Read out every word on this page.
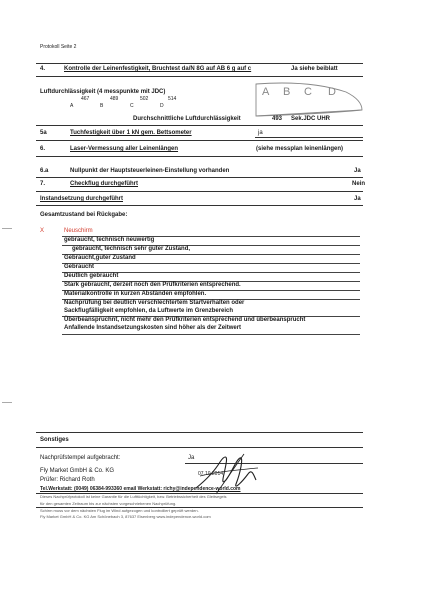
Protokoll Seite 2
4.	Kontrolle der Leinenfestigkeit, Bruchtest da/N 8G auf AB 6 g auf c	Ja siehe beiblatt
Luftdurchlässigkeit (4 messpunkte mit JDC)
467	489	502	514
A	B	C	D
A B C D
Durchschnittliche Luftdurchlässigkeit	493 Sek.JDC UHR
5a	Tuchfestigkeit über 1 kN gem. Bettsometer	ja
6.	Laser-Vermessung aller Leinenlängen	(siehe messplan leinenlängen)
6.a	Nullpunkt der Hauptsteuerleinen-Einstellung vorhanden	Ja
7.	Checkflug durchgeführt	Nein
Instandsetzung durchgeführt	Ja
Gesamtzustand bei Rückgabe:
X	Neuschirm
gebraucht, technisch neuwertig
gebraucht, technisch sehr guter Zustand,
Gebraucht,guter Zustand
Gebraucht
Deutlich gebraucht
Stark gebraucht, derzeit noch den Prüfkriterien entsprechend.
Materialkontrolle in kurzen Abständen empfohlen.
Nachprüfung bei deutlich verschlechtertem Startverhalten oder
Sackflugfälligkeit empfohlen, da Luftwerte im Grenzbereich
Überbeanspruchnt, nicht mehr den Prüfkriterien entsprechend und überbeansprucht
Anfallende Instandsetzungskosten sind höher als der Zeitwert
Sonstiges
Nachprüfstempel aufgebracht:	Ja
Fly Market GmbH & Co. KG
Prüfer: Richard Roth
07.10.2014
Tel.Werkstatt: (0049) 06384-993360 email Werkstatt: richy@independence-world.com
Dieses Nachprüfprotokoll ist keine Garantie für die Lufttüchtigkeit, bzw. Betriebssicherheit des Gleitsegels
für den gesamten Zeitraum bis zur nächsten vorgeschriebenen Nachprüfung.
Schirm muss vor dem nächsten Flug im Wind aufgezogen und kontrolliert geprüft werden.
Fly Market GmbH & Co. KG Am Schönebach 3, 87637 Eisenberg www.independence-world.com
